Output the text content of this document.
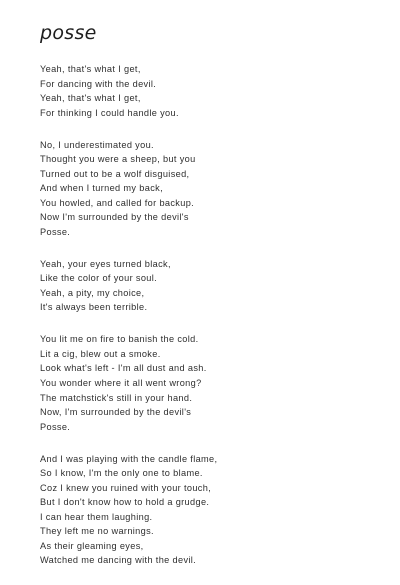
posse
Yeah, that's what I get,
For dancing with the devil.
Yeah, that's what I get,
For thinking I could handle you.
No, I underestimated you.
Thought you were a sheep, but you
Turned out to be a wolf disguised,
And when I turned my back,
You howled, and called for backup.
Now I'm surrounded by the devil's
Posse.
Yeah, your eyes turned black,
Like the color of your soul.
Yeah, a pity, my choice,
It's always been terrible.
You lit me on fire to banish the cold.
Lit a cig, blew out a smoke.
Look what's left - I'm all dust and ash.
You wonder where it all went wrong?
The matchstick's still in your hand.
Now, I'm surrounded by the devil's
Posse.
And I was playing with the candle flame,
So I know, I'm the only one to blame.
Coz I knew you ruined with your touch,
But I don't know how to hold a grudge.
I can hear them laughing.
They left me no warnings.
As their gleaming eyes,
Watched me dancing with the devil.
